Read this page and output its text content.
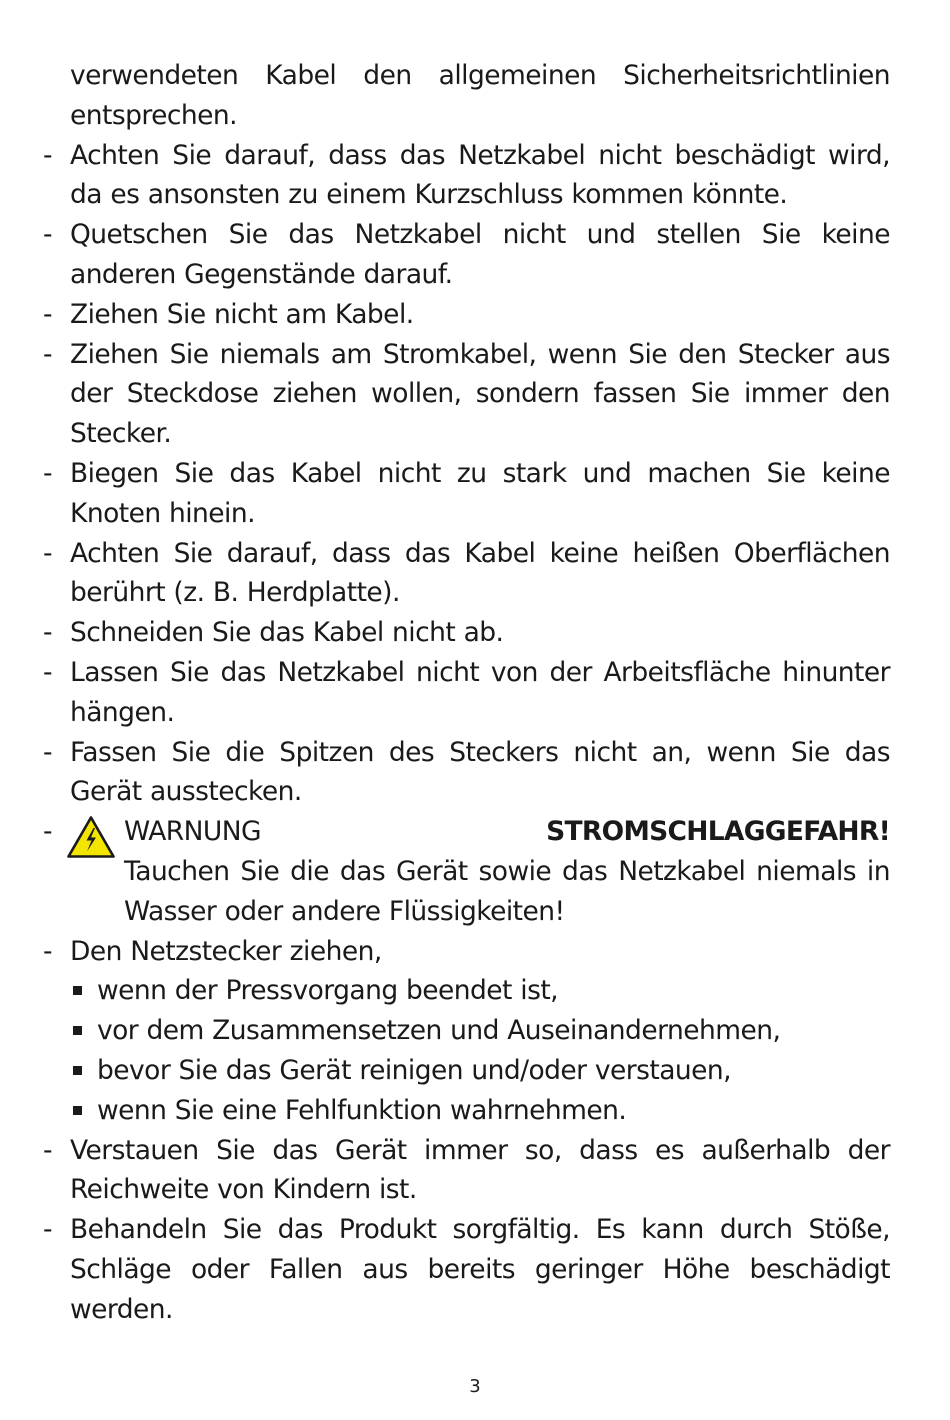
verwendeten Kabel den allgemeinen Sicherheitsrichtlinien entsprechen.
- Achten Sie darauf, dass das Netzkabel nicht beschädigt wird, da es ansonsten zu einem Kurzschluss kommen könnte.
- Quetschen Sie das Netzkabel nicht und stellen Sie keine anderen Gegenstände darauf.
- Ziehen Sie nicht am Kabel.
- Ziehen Sie niemals am Stromkabel, wenn Sie den Stecker aus der Steckdose ziehen wollen, sondern fassen Sie immer den Stecker.
- Biegen Sie das Kabel nicht zu stark und machen Sie keine Knoten hinein.
- Achten Sie darauf, dass das Kabel keine heißen Oberflächen berührt (z. B. Herdplatte).
- Schneiden Sie das Kabel nicht ab.
- Lassen Sie das Netzkabel nicht von der Arbeitsfläche hinunter hängen.
- Fassen Sie die Spitzen des Steckers nicht an, wenn Sie das Gerät ausstecken.
-	WARNUNG	STROMSCHLAGGEFAHR!
Tauchen Sie die das Gerät sowie das Netzkabel niemals in Wasser oder andere Flüssigkeiten!
- Den Netzstecker ziehen,
wenn der Pressvorgang beendet ist,
vor dem Zusammensetzen und Auseinandernehmen,
bevor Sie das Gerät reinigen und/oder verstauen,
wenn Sie eine Fehlfunktion wahrnehmen.
- Verstauen Sie das Gerät immer so, dass es außerhalb der Reichweite von Kindern ist.
- Behandeln Sie das Produkt sorgfältig. Es kann durch Stöße, Schläge oder Fallen aus bereits geringer Höhe beschädigt werden.
3
